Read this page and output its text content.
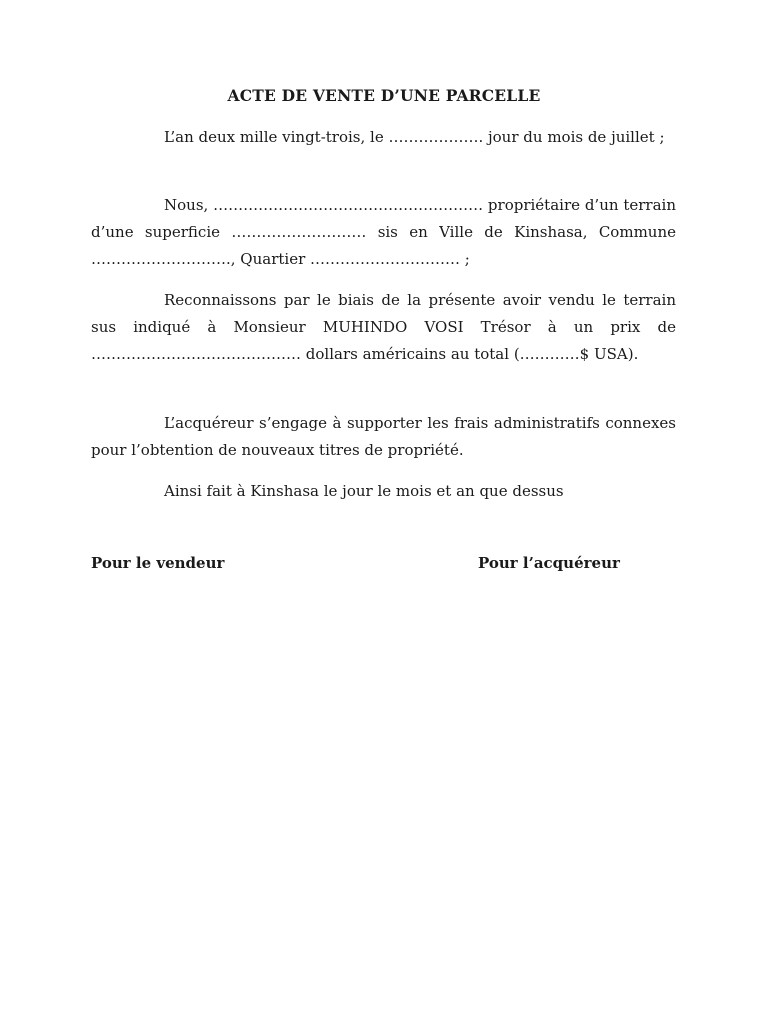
ACTE DE VENTE D’UNE PARCELLE

L’an deux mille vingt-trois, le ………………. jour du mois de juillet ;

Nous, ……………………………………………… propriétaire d’un terrain d’une superficie ……………………… sis en Ville de Kinshasa, Commune ………………………., Quartier ………………………… ;

Reconnaissons par le biais de la présente avoir vendu le terrain sus indiqué à Monsieur MUHINDO VOSI Trésor à un prix de …………………………………… dollars américains au total (…………$ USA).

L’acquéreur s’engage à supporter les frais administratifs connexes pour l’obtention de nouveaux titres de propriété.

Ainsi fait à Kinshasa le jour le mois et an que dessus

Pour le vendeur	Pour l’acquéreur
